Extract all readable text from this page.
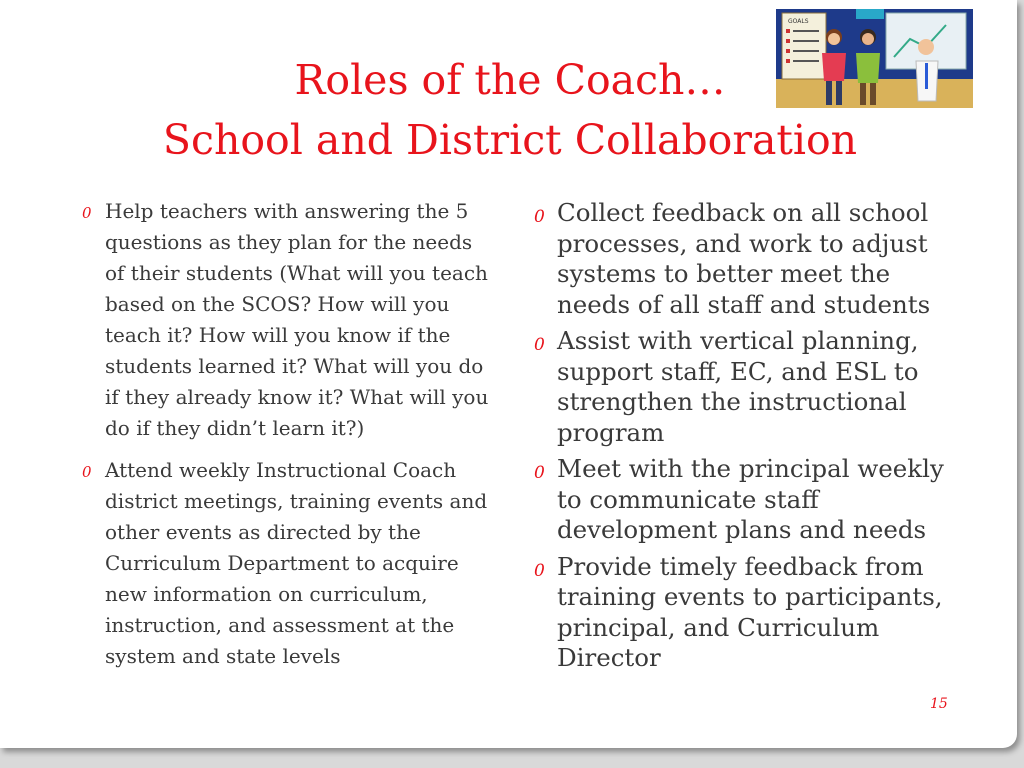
Roles of the Coach…
School and District Collaboration
GOALS
0 Help teachers with answering the 5 questions as they plan for the needs of their students (What will you teach based on the SCOS? How will you teach it? How will you know if the students learned it? What will you do if they already know it? What will you do if they didn’t learn it?)
0 Attend weekly Instructional Coach district meetings, training events and other events as directed by the Curriculum Department to acquire new information on curriculum, instruction, and assessment at the system and state levels
0 Collect feedback on all school processes, and work to adjust systems to better meet the needs of all staff and students
0 Assist with vertical planning, support staff, EC, and ESL to strengthen the instructional program
0 Meet with the principal weekly to communicate staff development plans and needs
0 Provide timely feedback from training events to participants, principal, and Curriculum Director
15
